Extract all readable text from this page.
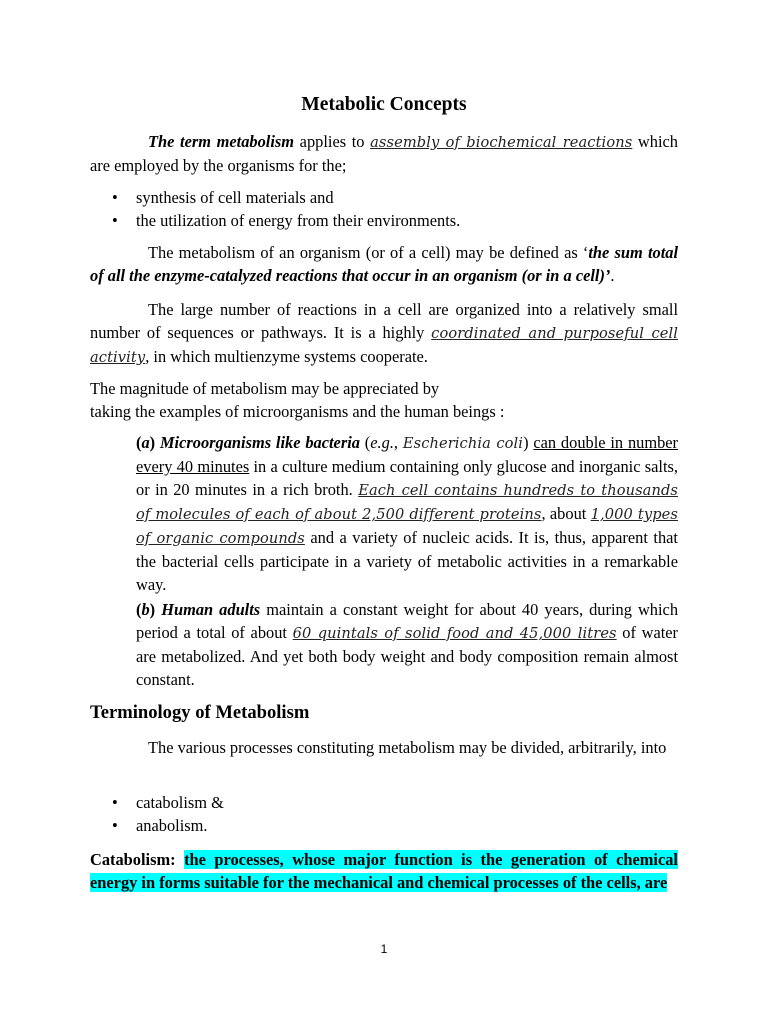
Metabolic Concepts

The term metabolism applies to assembly of biochemical reactions which are employed by the organisms for the;

• synthesis of cell materials and
• the utilization of energy from their environments.

The metabolism of an organism (or of a cell) may be defined as ‘the sum total of all the enzyme-catalyzed reactions that occur in an organism (or in a cell)’.

The large number of reactions in a cell are organized into a relatively small number of sequences or pathways. It is a highly coordinated and purposeful cell activity, in which multienzyme systems cooperate.

The magnitude of metabolism may be appreciated by
taking the examples of microorganisms and the human beings :

(a) Microorganisms like bacteria (e.g., Escherichia coli) can double in number every 40 minutes in a culture medium containing only glucose and inorganic salts, or in 20 minutes in a rich broth. Each cell contains hundreds to thousands of molecules of each of about 2,500 different proteins, about 1,000 types of organic compounds and a variety of nucleic acids. It is, thus, apparent that the bacterial cells participate in a variety of metabolic activities in a remarkable way.

(b) Human adults maintain a constant weight for about 40 years, during which period a total of about 60 quintals of solid food and 45,000 litres of water are metabolized. And yet both body weight and body composition remain almost constant.

Terminology of Metabolism

The various processes constituting metabolism may be divided, arbitrarily, into

• catabolism &
• anabolism.

Catabolism: the processes, whose major function is the generation of chemical energy in forms suitable for the mechanical and chemical processes of the cells, are

1
